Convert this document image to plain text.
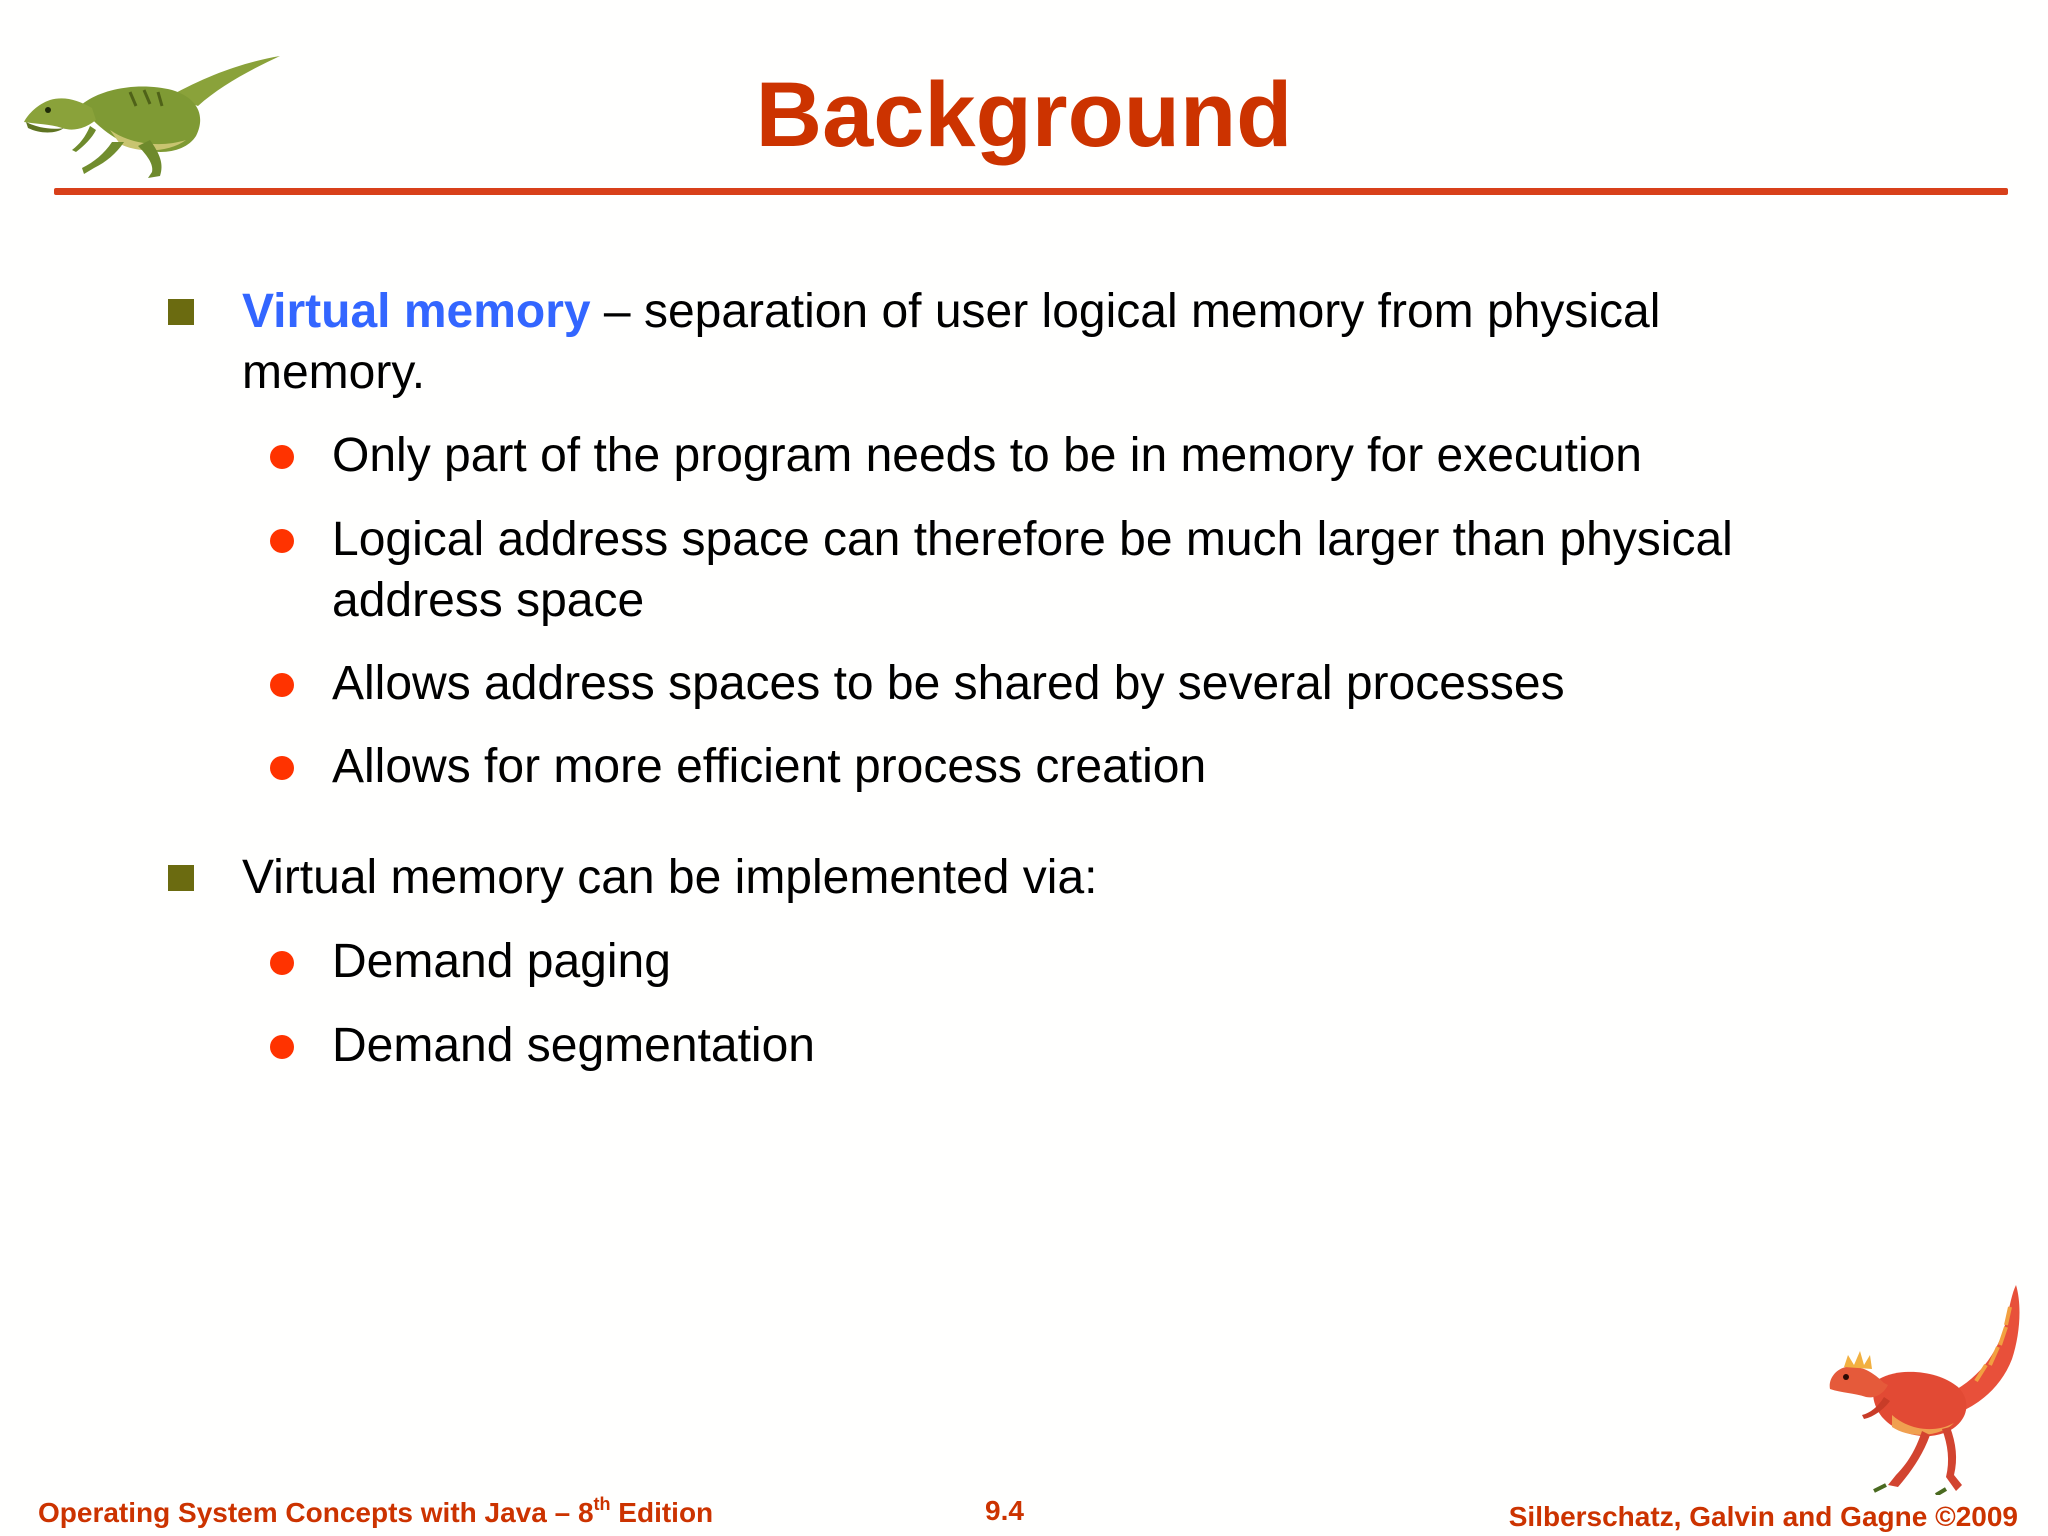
Background
Virtual memory – separation of user logical memory from physical memory.
Only part of the program needs to be in memory for execution
Logical address space can therefore be much larger than physical address space
Allows address spaces to be shared by several processes
Allows for more efficient process creation
Virtual memory can be implemented via:
Demand paging
Demand segmentation
Operating System Concepts with Java – 8th Edition	9.4	Silberschatz, Galvin and Gagne ©2009
